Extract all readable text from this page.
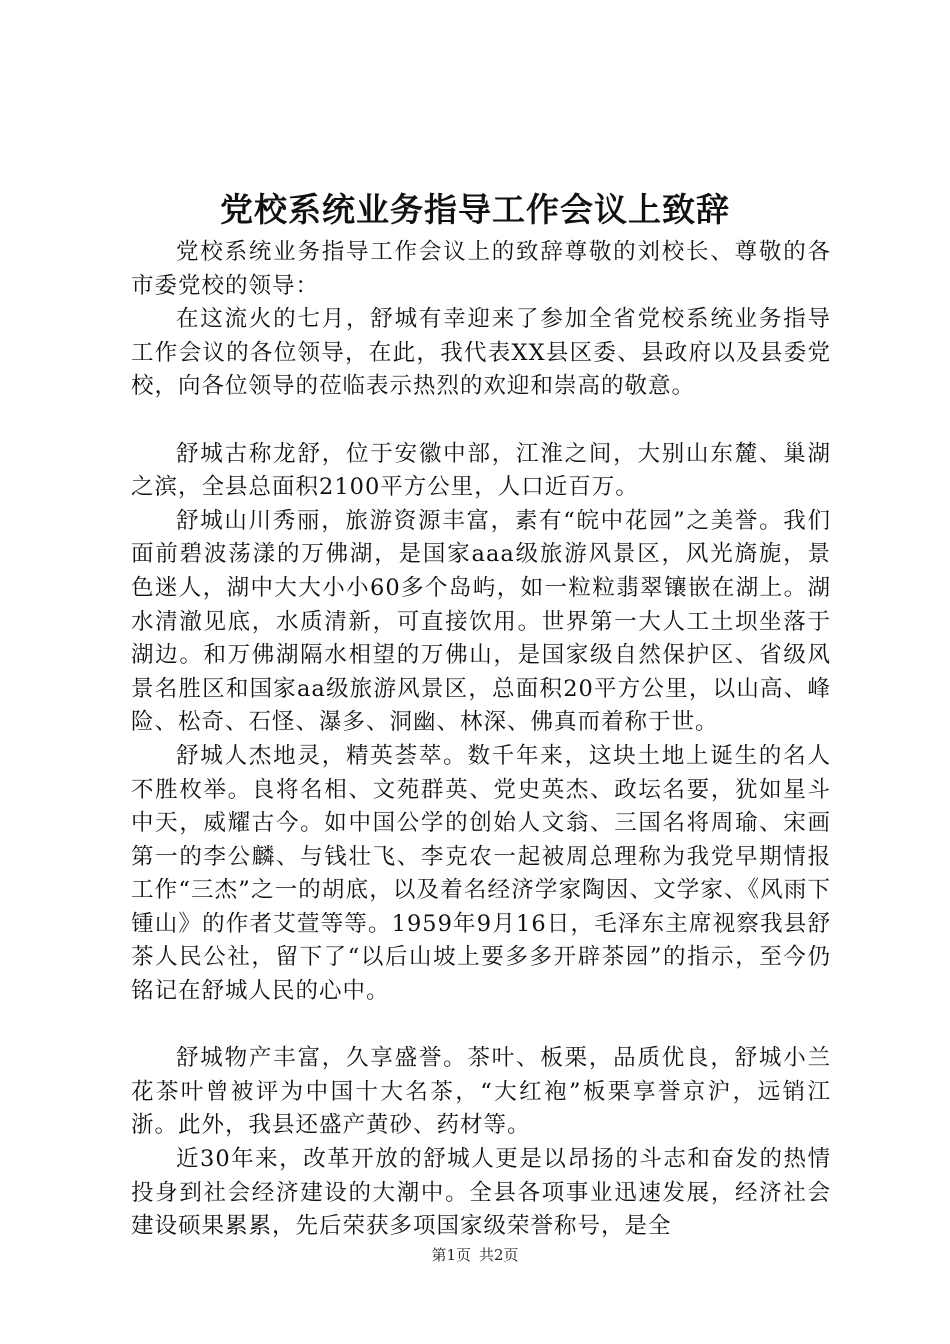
党校系统业务指导工作会议上致辞

党校系统业务指导工作会议上的致辞尊敬的刘校长、尊敬的各市委党校的领导：

在这流火的七月，舒城有幸迎来了参加全省党校系统业务指导工作会议的各位领导，在此，我代表XX县区委、县政府以及县委党校，向各位领导的莅临表示热烈的欢迎和崇高的敬意。

舒城古称龙舒，位于安徽中部，江淮之间，大别山东麓、巢湖之滨，全县总面积2100平方公里，人口近百万。

舒城山川秀丽，旅游资源丰富，素有“皖中花园”之美誉。我们面前碧波荡漾的万佛湖，是国家aaa级旅游风景区，风光旖旎，景色迷人，湖中大大小小60多个岛屿，如一粒粒翡翠镶嵌在湖上。湖水清澈见底，水质清新，可直接饮用。世界第一大人工土坝坐落于湖边。和万佛湖隔水相望的万佛山，是国家级自然保护区、省级风景名胜区和国家aa级旅游风景区，总面积20平方公里，以山高、峰险、松奇、石怪、瀑多、洞幽、林深、佛真而着称于世。

舒城人杰地灵，精英荟萃。数千年来，这块土地上诞生的名人不胜枚举。良将名相、文苑群英、党史英杰、政坛名要，犹如星斗中天，威耀古今。如中国公学的创始人文翁、三国名将周瑜、宋画第一的李公麟、与钱壮飞、李克农一起被周总理称为我党早期情报工作“三杰”之一的胡底，以及着名经济学家陶因、文学家、《风雨下锺山》的作者艾萱等等。1959年9月16日，毛泽东主席视察我县舒茶人民公社，留下了“以后山坡上要多多开辟茶园”的指示，至今仍铭记在舒城人民的心中。

舒城物产丰富，久享盛誉。茶叶、板栗，品质优良，舒城小兰花茶叶曾被评为中国十大名茶，“大红袍”板栗享誉京沪，远销江浙。此外，我县还盛产黄砂、药材等。

近30年来，改革开放的舒城人更是以昂扬的斗志和奋发的热情投身到社会经济建设的大潮中。全县各项事业迅速发展，经济社会建设硕果累累，先后荣获多项国家级荣誉称号，是全

第1页 共2页
